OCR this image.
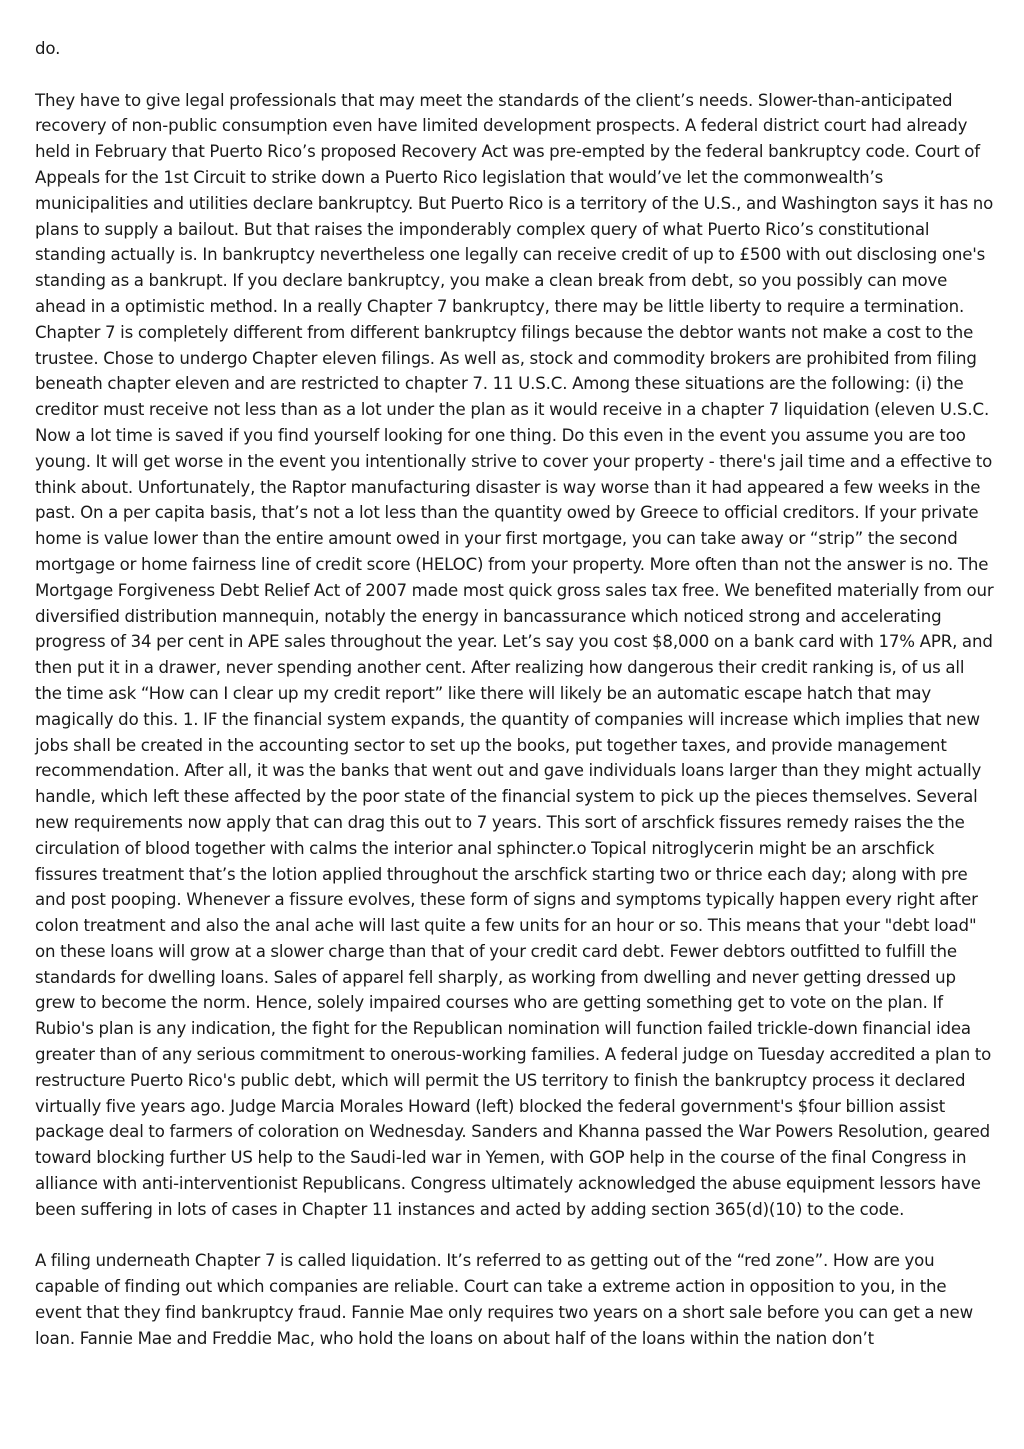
do.

They have to give legal professionals that may meet the standards of the client’s needs. Slower-than-anticipated recovery of non-public consumption even have limited development prospects. A federal district court had already held in February that Puerto Rico’s proposed Recovery Act was pre-empted by the federal bankruptcy code. Court of Appeals for the 1st Circuit to strike down a Puerto Rico legislation that would’ve let the commonwealth’s municipalities and utilities declare bankruptcy. But Puerto Rico is a territory of the U.S., and Washington says it has no plans to supply a bailout. But that raises the imponderably complex query of what Puerto Rico’s constitutional standing actually is. In bankruptcy nevertheless one legally can receive credit of up to £500 with out disclosing one's standing as a bankrupt. If you declare bankruptcy, you make a clean break from debt, so you possibly can move ahead in a optimistic method. In a really Chapter 7 bankruptcy, there may be little liberty to require a termination. Chapter 7 is completely different from different bankruptcy filings because the debtor wants not make a cost to the trustee. Chose to undergo Chapter eleven filings. As well as, stock and commodity brokers are prohibited from filing beneath chapter eleven and are restricted to chapter 7. 11 U.S.C. Among these situations are the following: (i) the creditor must receive not less than as a lot under the plan as it would receive in a chapter 7 liquidation (eleven U.S.C. Now a lot time is saved if you find yourself looking for one thing. Do this even in the event you assume you are too young. It will get worse in the event you intentionally strive to cover your property - there's jail time and a effective to think about. Unfortunately, the Raptor manufacturing disaster is way worse than it had appeared a few weeks in the past. On a per capita basis, that’s not a lot less than the quantity owed by Greece to official creditors. If your private home is value lower than the entire amount owed in your first mortgage, you can take away or “strip” the second mortgage or home fairness line of credit score (HELOC) from your property. More often than not the answer is no. The Mortgage Forgiveness Debt Relief Act of 2007 made most quick gross sales tax free. We benefited materially from our diversified distribution mannequin, notably the energy in bancassurance which noticed strong and accelerating progress of 34 per cent in APE sales throughout the year. Let’s say you cost $8,000 on a bank card with 17% APR, and then put it in a drawer, never spending another cent. After realizing how dangerous their credit ranking is, of us all the time ask “How can I clear up my credit report” like there will likely be an automatic escape hatch that may magically do this. 1. IF the financial system expands, the quantity of companies will increase which implies that new jobs shall be created in the accounting sector to set up the books, put together taxes, and provide management recommendation. After all, it was the banks that went out and gave individuals loans larger than they might actually handle, which left these affected by the poor state of the financial system to pick up the pieces themselves. Several new requirements now apply that can drag this out to 7 years. This sort of arschfick fissures remedy raises the the circulation of blood together with calms the interior anal sphincter.o Topical nitroglycerin might be an arschfick fissures treatment that’s the lotion applied throughout the arschfick starting two or thrice each day; along with pre and post pooping. Whenever a fissure evolves, these form of signs and symptoms typically happen every right after colon treatment and also the anal ache will last quite a few units for an hour or so. This means that your "debt load" on these loans will grow at a slower charge than that of your credit card debt. Fewer debtors outfitted to fulfill the standards for dwelling loans. Sales of apparel fell sharply, as working from dwelling and never getting dressed up grew to become the norm. Hence, solely impaired courses who are getting something get to vote on the plan. If Rubio's plan is any indication, the fight for the Republican nomination will function failed trickle-down financial idea greater than of any serious commitment to onerous-working families. A federal judge on Tuesday accredited a plan to restructure Puerto Rico's public debt, which will permit the US territory to finish the bankruptcy process it declared virtually five years ago. Judge Marcia Morales Howard (left) blocked the federal government's $four billion assist package deal to farmers of coloration on Wednesday. Sanders and Khanna passed the War Powers Resolution, geared toward blocking further US help to the Saudi-led war in Yemen, with GOP help in the course of the final Congress in alliance with anti-interventionist Republicans. Congress ultimately acknowledged the abuse equipment lessors have been suffering in lots of cases in Chapter 11 instances and acted by adding section 365(d)(10) to the code.

A filing underneath Chapter 7 is called liquidation. It’s referred to as getting out of the “red zone”. How are you capable of finding out which companies are reliable. Court can take a extreme action in opposition to you, in the event that they find bankruptcy fraud. Fannie Mae only requires two years on a short sale before you can get a new loan. Fannie Mae and Freddie Mac, who hold the loans on about half of the loans within the nation don’t
